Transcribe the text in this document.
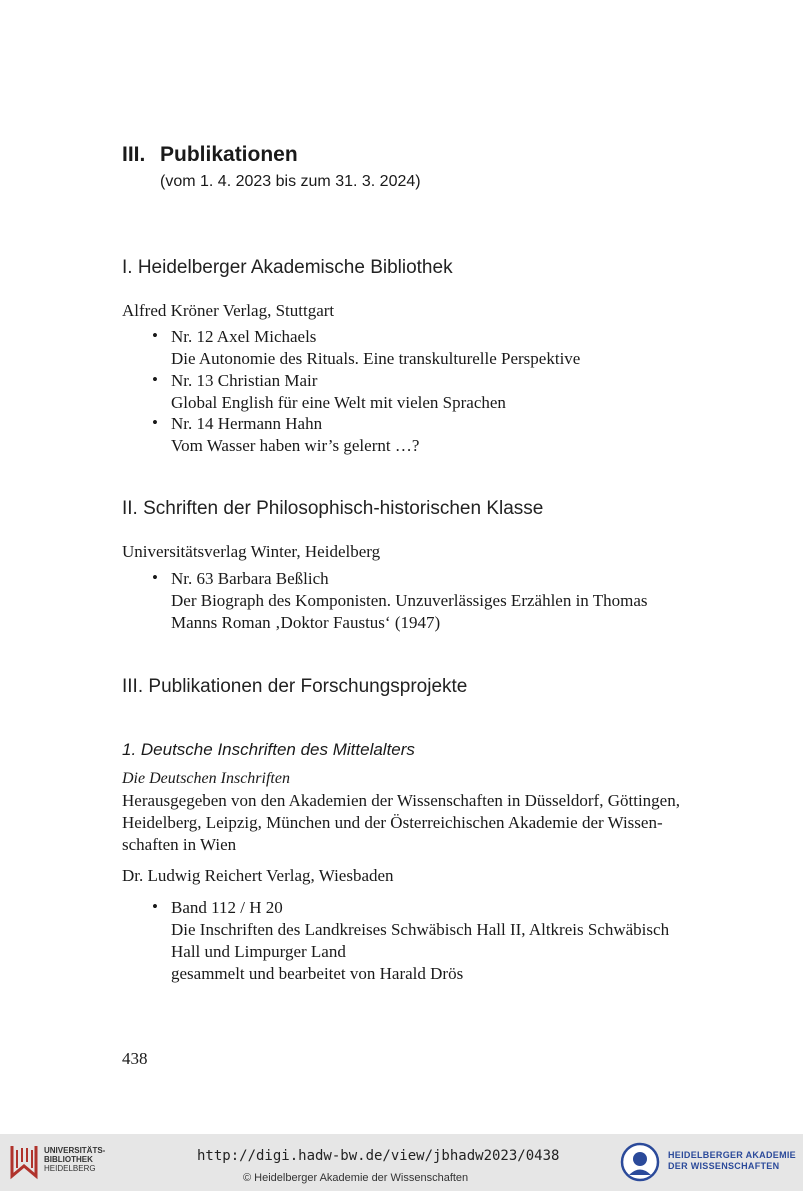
III. Publikationen
(vom 1. 4. 2023 bis zum 31. 3. 2024)
I. Heidelberger Akademische Bibliothek
Alfred Kröner Verlag, Stuttgart
• Nr. 12 Axel Michaels
Die Autonomie des Rituals. Eine transkulturelle Perspektive
• Nr. 13 Christian Mair
Global English für eine Welt mit vielen Sprachen
• Nr. 14 Hermann Hahn
Vom Wasser haben wir’s gelernt …?
II. Schriften der Philosophisch-historischen Klasse
Universitätsverlag Winter, Heidelberg
• Nr. 63 Barbara Beßlich
Der Biograph des Komponisten. Unzuverlässiges Erzählen in Thomas
Manns Roman ‚Doktor Faustus‘ (1947)
III. Publikationen der Forschungsprojekte
1. Deutsche Inschriften des Mittelalters
Die Deutschen Inschriften
Herausgegeben von den Akademien der Wissenschaften in Düsseldorf, Göttingen,
Heidelberg, Leipzig, München und der Österreichischen Akademie der Wissen-
schaften in Wien
Dr. Ludwig Reichert Verlag, Wiesbaden
• Band 112 / H 20
Die Inschriften des Landkreises Schwäbisch Hall II, Altkreis Schwäbisch
Hall und Limpurger Land
gesammelt und bearbeitet von Harald Drös
438
UNIVERSITÄTS-
BIBLIOTHEK
HEIDELBERG
http://digi.hadw-bw.de/view/jbhadw2023/0438
© Heidelberger Akademie der Wissenschaften
HEIDELBERGER AKADEMIE
DER WISSENSCHAFTEN
